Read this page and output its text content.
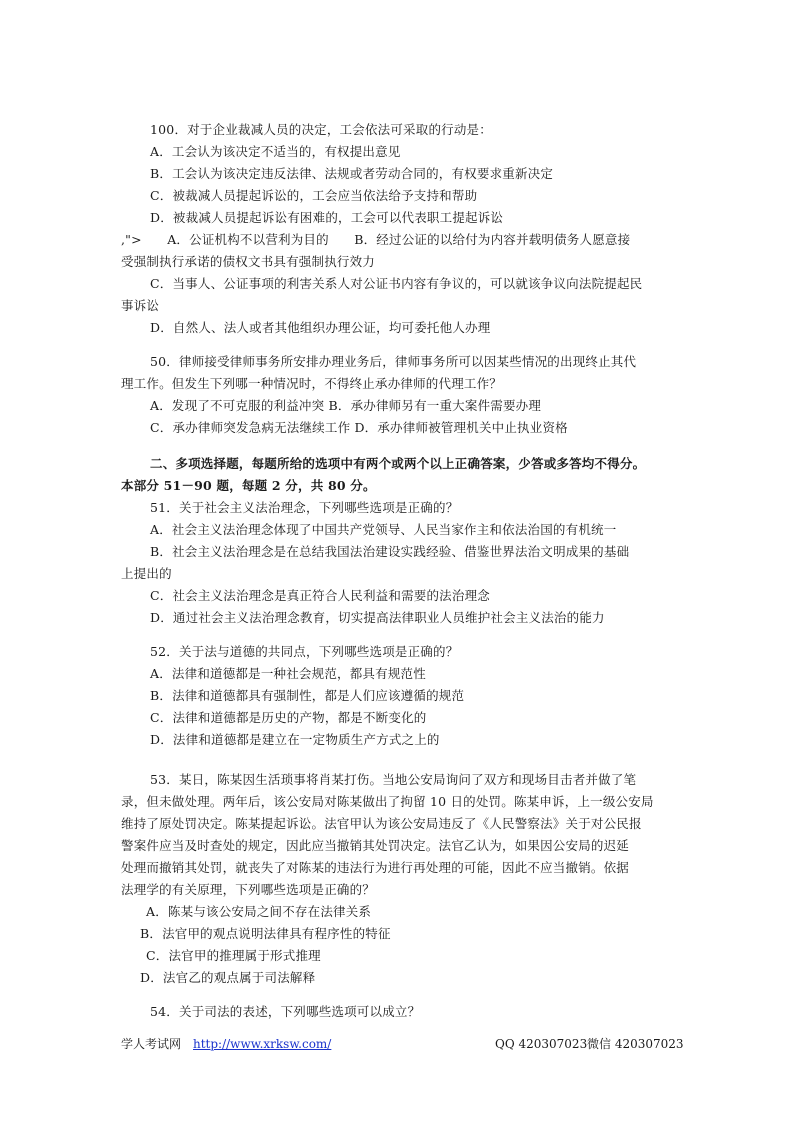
100．对于企业裁减人员的决定，工会依法可采取的行动是：
A．工会认为该决定不适当的，有权提出意见
B．工会认为该决定违反法律、法规或者劳动合同的，有权要求重新决定
C．被裁减人员提起诉讼的，工会应当依法给予支持和帮助
D．被裁减人员提起诉讼有困难的，工会可以代表职工提起诉讼
,">　　A．公证机构不以营利为目的　　B．经过公证的以给付为内容并载明债务人愿意接
受强制执行承诺的债权文书具有强制执行效力
C．当事人、公证事项的利害关系人对公证书内容有争议的，可以就该争议向法院提起民
事诉讼
D．自然人、法人或者其他组织办理公证，均可委托他人办理
50．律师接受律师事务所安排办理业务后，律师事务所可以因某些情况的出现终止其代
理工作。但发生下列哪一种情况时，不得终止承办律师的代理工作？
A．发现了不可克服的利益冲突 B．承办律师另有一重大案件需要办理
C．承办律师突发急病无法继续工作 D．承办律师被管理机关中止执业资格
二、多项选择题，每题所给的选项中有两个或两个以上正确答案，少答或多答均不得分。
本部分 51－90 题，每题 2 分，共 80 分。
51．关于社会主义法治理念，下列哪些选项是正确的？
A．社会主义法治理念体现了中国共产党领导、人民当家作主和依法治国的有机统一
B．社会主义法治理念是在总结我国法治建设实践经验、借鉴世界法治文明成果的基础
上提出的
C．社会主义法治理念是真正符合人民利益和需要的法治理念
D．通过社会主义法治理念教育，切实提高法律职业人员维护社会主义法治的能力
52．关于法与道德的共同点，下列哪些选项是正确的？
A．法律和道德都是一种社会规范，都具有规范性
B．法律和道德都具有强制性，都是人们应该遵循的规范
C．法律和道德都是历史的产物，都是不断变化的
D．法律和道德都是建立在一定物质生产方式之上的
53．某日，陈某因生活琐事将肖某打伤。当地公安局询问了双方和现场目击者并做了笔
录，但未做处理。两年后，该公安局对陈某做出了拘留 10 日的处罚。陈某申诉，上一级公安局
维持了原处罚决定。陈某提起诉讼。法官甲认为该公安局违反了《人民警察法》关于对公民报
警案件应当及时查处的规定，因此应当撤销其处罚决定。法官乙认为，如果因公安局的迟延
处理而撤销其处罚，就丧失了对陈某的违法行为进行再处理的可能，因此不应当撤销。依据
法理学的有关原理，下列哪些选项是正确的？
A．陈某与该公安局之间不存在法律关系
B．法官甲的观点说明法律具有程序性的特征
C．法官甲的推理属于形式推理
D．法官乙的观点属于司法解释
54．关于司法的表述，下列哪些选项可以成立？
学人考试网 http://www.xrksw.com/	QQ 420307023 微信 420307023
